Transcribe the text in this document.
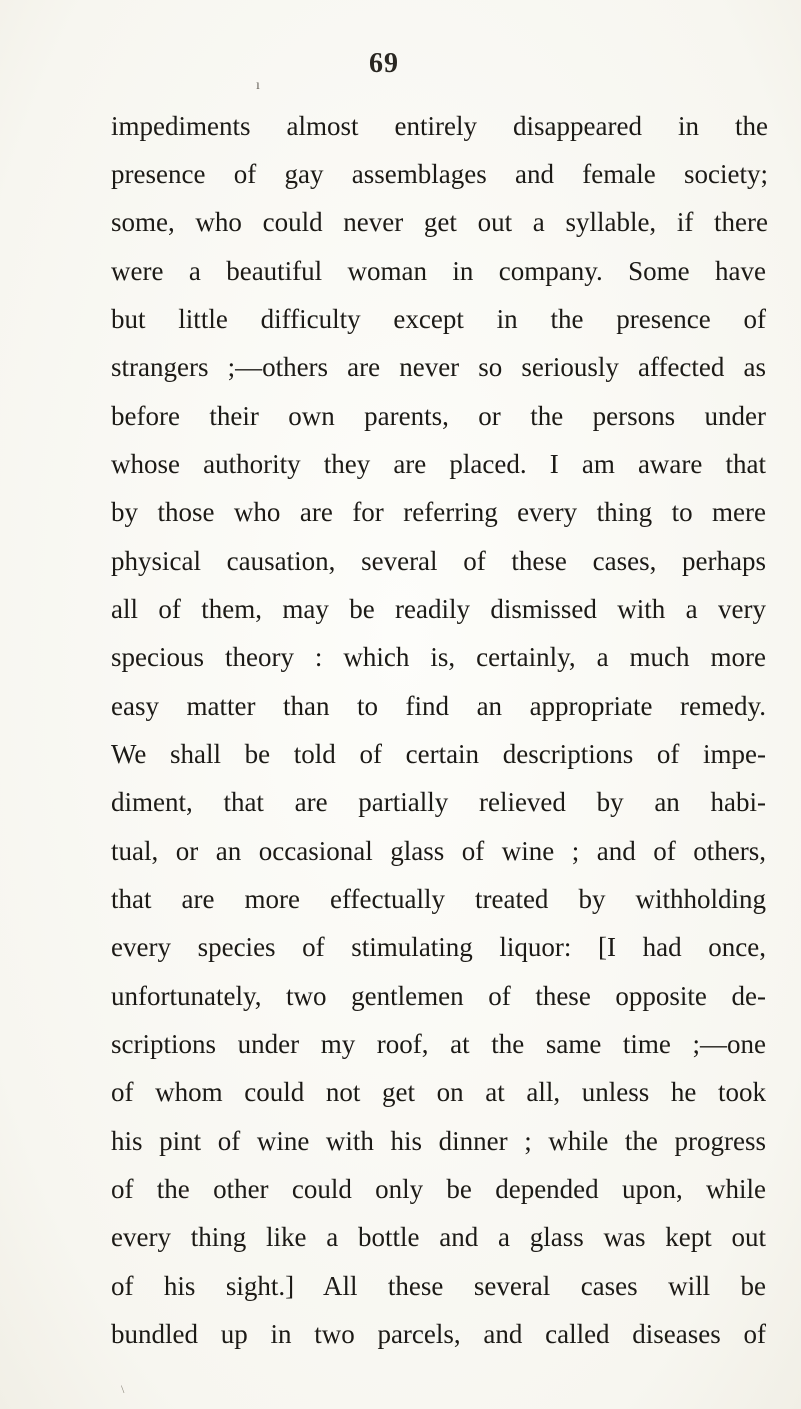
69
ı
impediments almost entirely disappeared in the
presence of gay assemblages and female society;
some, who could never get out a syllable, if there
were a beautiful woman in company. Some have
but little difficulty except in the presence of
strangers ;—others are never so seriously affected as
before their own parents, or the persons under
whose authority they are placed. I am aware that
by those who are for referring every thing to mere
physical causation, several of these cases, perhaps
all of them, may be readily dismissed with a very
specious theory : which is, certainly, a much more
easy matter than to find an appropriate remedy.
We shall be told of certain descriptions of impe-
diment, that are partially relieved by an habi-
tual, or an occasional glass of wine ; and of others,
that are more effectually treated by withholding
every species of stimulating liquor: [I had once,
unfortunately, two gentlemen of these opposite de-
scriptions under my roof, at the same time ;—one
of whom could not get on at all, unless he took
his pint of wine with his dinner ; while the progress
of the other could only be depended upon, while
every thing like a bottle and a glass was kept out
of his sight.] All these several cases will be
bundled up in two parcels, and called diseases of
\
